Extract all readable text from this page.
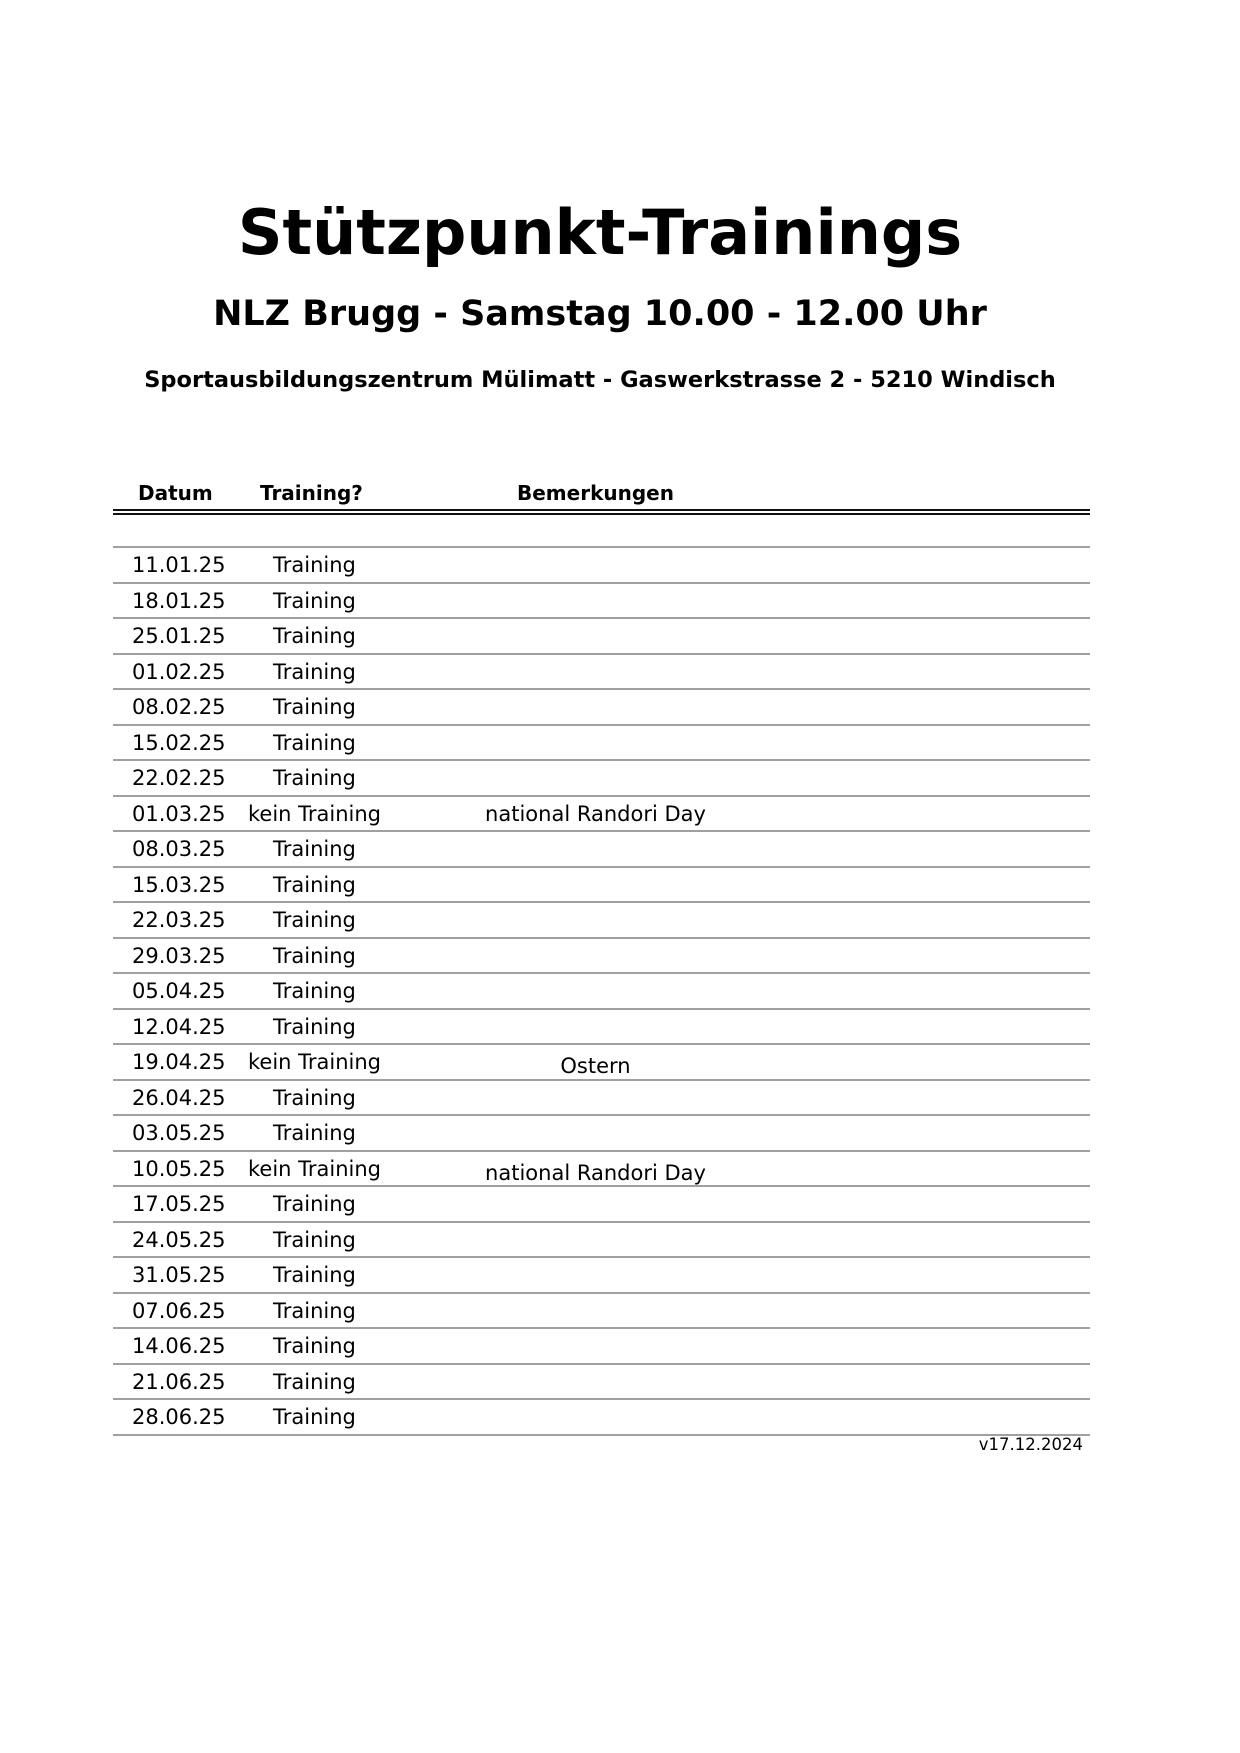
Stützpunkt-Trainings
NLZ Brugg - Samstag 10.00 - 12.00 Uhr
Sportausbildungszentrum Mülimatt - Gaswerkstrasse 2 - 5210 Windisch
Datum Training?	Bemerkungen
11.01.25 Training
18.01.25 Training
25.01.25 Training
01.02.25 Training
08.02.25 Training
15.02.25 Training
22.02.25 Training
01.03.25 kein Training	national Randori Day
08.03.25 Training
15.03.25 Training
22.03.25 Training
29.03.25 Training
05.04.25 Training
12.04.25 Training
19.04.25 kein Training	Ostern
26.04.25 Training
03.05.25 Training
10.05.25 kein Training	national Randori Day
17.05.25 Training
24.05.25 Training
31.05.25 Training
07.06.25 Training
14.06.25 Training
21.06.25 Training
28.06.25 Training
v17.12.2024
